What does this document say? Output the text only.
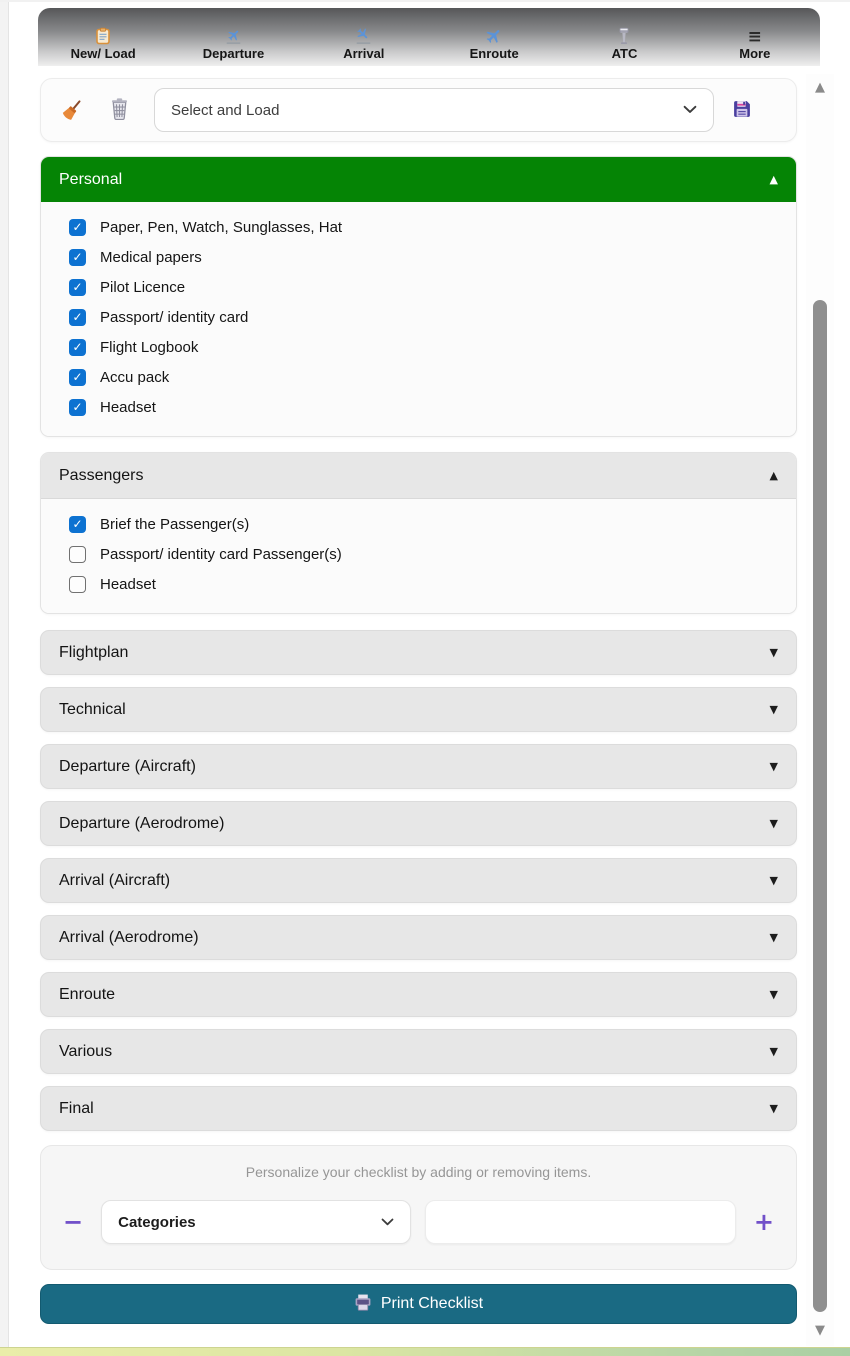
New/ Load	Departure	Arrival	Enroute	ATC
≡
More
Select and Load
Personal	▲
✓
Paper, Pen, Watch, Sunglasses, Hat
✓
Medical papers
✓
Pilot Licence
✓
Passport/ identity card
✓
Flight Logbook
✓
Accu pack
✓
Headset
Passengers	▲
✓
Brief the Passenger(s)
Passport/ identity card Passenger(s)
Headset
Flightplan	▼
Technical	▼
Departure (Aircraft)	▼
Departure (Aerodrome)	▼
Arrival (Aircraft)	▼
Arrival (Aerodrome)	▼
Enroute	▼
Various	▼
Final	▼

Personalize your checklist by adding or removing items.

− Categories	+
Print Checklist
▲
▼
